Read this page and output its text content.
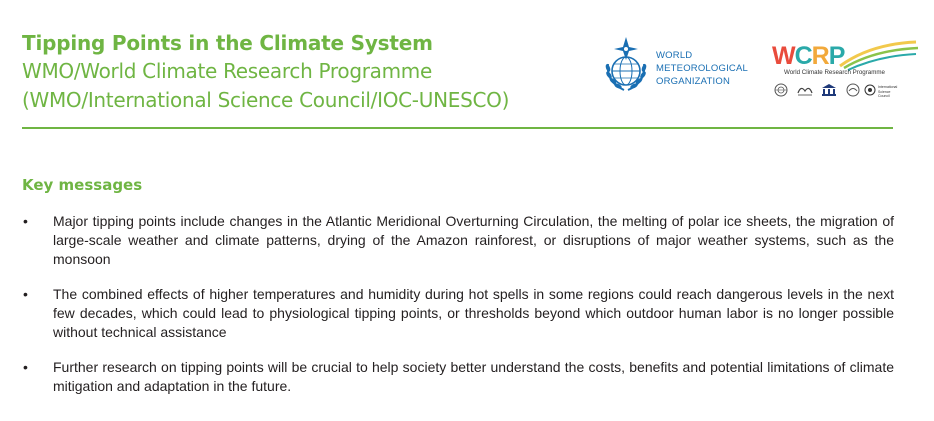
Tipping Points in the Climate System
WMO/World Climate Research Programme
(WMO/International Science Council/IOC-UNESCO)
WORLD
METEOROLOGICAL
ORGANIZATION
WCRP
World Climate Research Programme
International Science Council
Key messages
• Major tipping points include changes in the Atlantic Meridional Overturning Circulation, the melting of polar ice sheets, the migration of large-scale weather and climate patterns, drying of the Amazon rainforest, or disruptions of major weather systems, such as the monsoon
• The combined effects of higher temperatures and humidity during hot spells in some regions could reach dangerous levels in the next few decades, which could lead to physiological tipping points, or thresholds beyond which outdoor human labor is no longer possible without technical assistance
• Further research on tipping points will be crucial to help society better understand the costs, benefits and potential limitations of climate mitigation and adaptation in the future.
